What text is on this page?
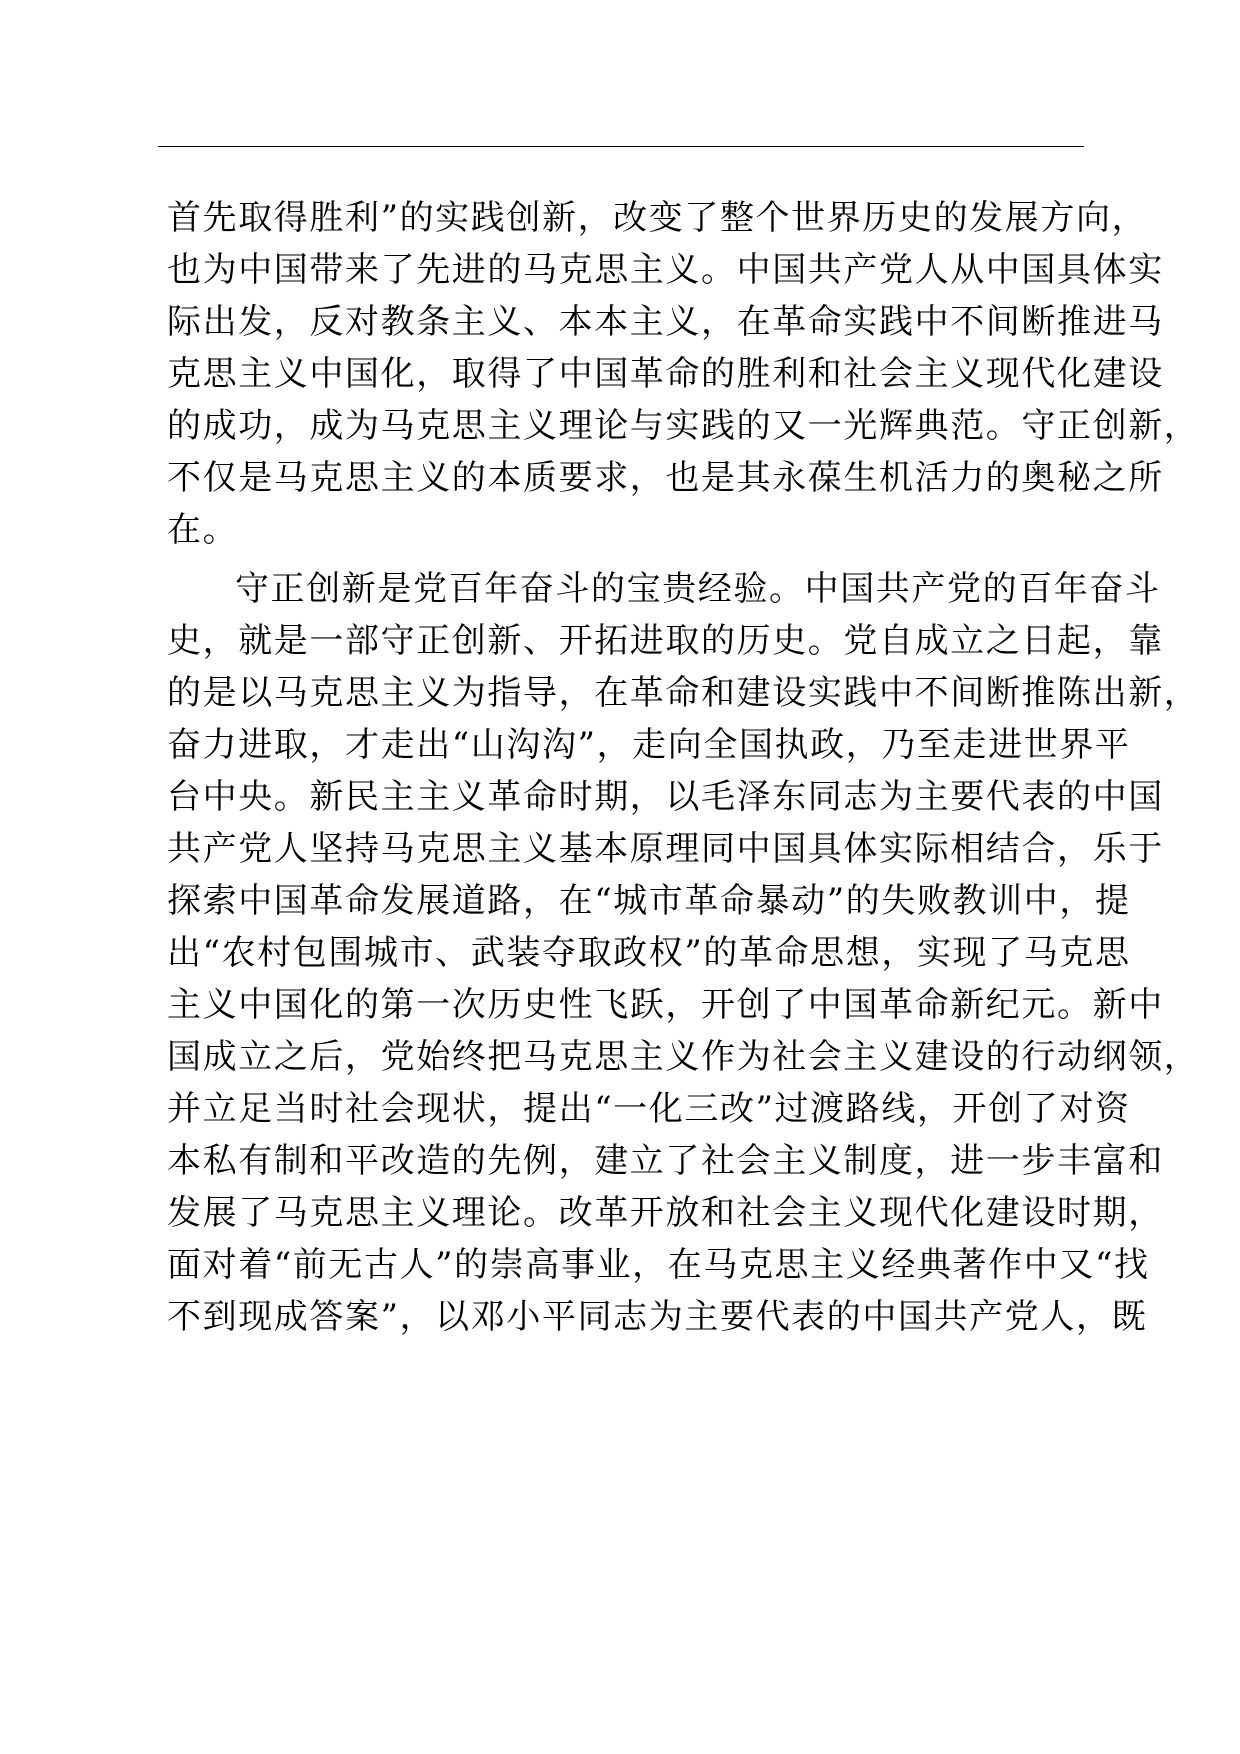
首先取得胜利”的实践创新，改变了整个世界历史的发展方向，
也为中国带来了先进的马克思主义。中国共产党人从中国具体实
际出发，反对教条主义、本本主义，在革命实践中不间断推进马
克思主义中国化，取得了中国革命的胜利和社会主义现代化建设
的成功，成为马克思主义理论与实践的又一光辉典范。守正创新，
不仅是马克思主义的本质要求，也是其永葆生机活力的奥秘之所
在。

守正创新是党百年奋斗的宝贵经验。中国共产党的百年奋斗
史，就是一部守正创新、开拓进取的历史。党自成立之日起，靠
的是以马克思主义为指导，在革命和建设实践中不间断推陈出新，
奋力进取，才走出“山沟沟”，走向全国执政，乃至走进世界平
台中央。新民主主义革命时期，以毛泽东同志为主要代表的中国
共产党人坚持马克思主义基本原理同中国具体实际相结合，乐于
探索中国革命发展道路，在“城市革命暴动”的失败教训中，提
出“农村包围城市、武装夺取政权”的革命思想，实现了马克思
主义中国化的第一次历史性飞跃，开创了中国革命新纪元。新中
国成立之后，党始终把马克思主义作为社会主义建设的行动纲领，
并立足当时社会现状，提出“一化三改”过渡路线，开创了对资
本私有制和平改造的先例，建立了社会主义制度，进一步丰富和
发展了马克思主义理论。改革开放和社会主义现代化建设时期，
面对着“前无古人”的崇高事业，在马克思主义经典著作中又“找
不到现成答案”，以邓小平同志为主要代表的中国共产党人，既
